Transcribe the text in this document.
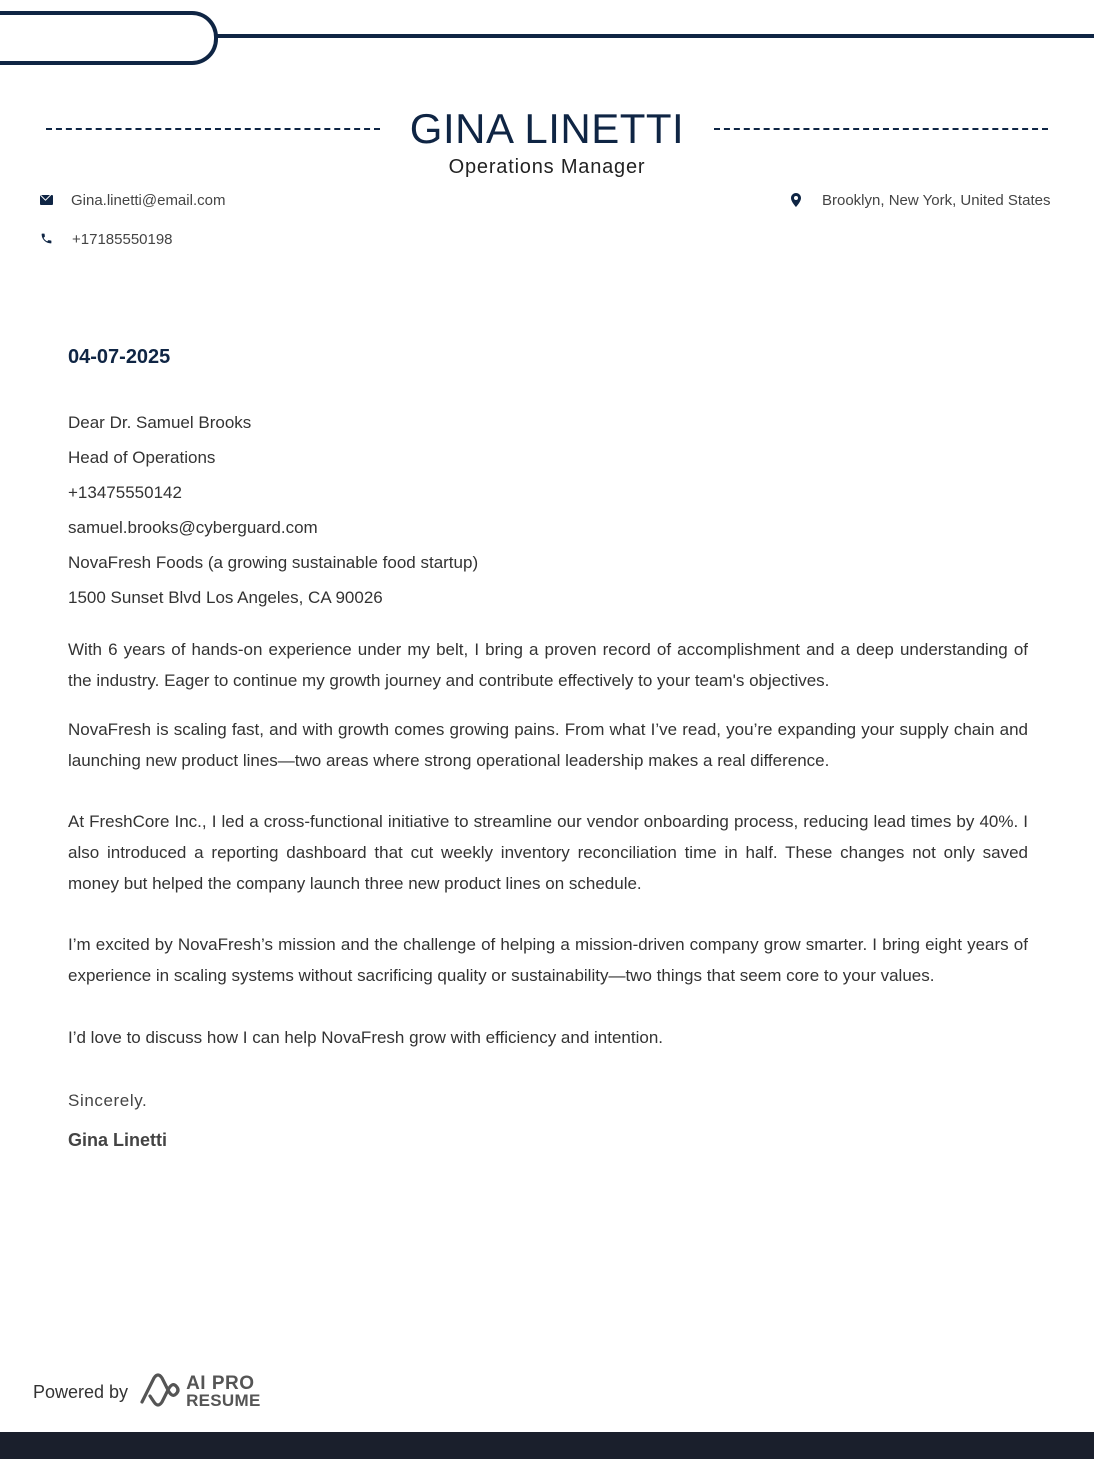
GINA LINETTI
Operations Manager
Gina.linetti@email.com
+17185550198
Brooklyn, New York, United States
04-07-2025
Dear Dr. Samuel Brooks
Head of Operations
+13475550142
samuel.brooks@cyberguard.com
NovaFresh Foods (a growing sustainable food startup)
1500 Sunset Blvd Los Angeles, CA 90026

With 6 years of hands-on experience under my belt, I bring a proven record of accomplishment and a deep understanding of the industry. Eager to continue my growth journey and contribute effectively to your team's objectives.

NovaFresh is scaling fast, and with growth comes growing pains. From what I’ve read, you’re expanding your supply chain and launching new product lines—two areas where strong operational leadership makes a real difference.

At FreshCore Inc., I led a cross-functional initiative to streamline our vendor onboarding process, reducing lead times by 40%. I also introduced a reporting dashboard that cut weekly inventory reconciliation time in half. These changes not only saved money but helped the company launch three new product lines on schedule.

I’m excited by NovaFresh’s mission and the challenge of helping a mission-driven company grow smarter. I bring eight years of experience in scaling systems without sacrificing quality or sustainability—two things that seem core to your values.

I’d love to discuss how I can help NovaFresh grow with efficiency and intention.

Sincerely.
Gina Linetti
Powered by	AI PRO
RESUME
